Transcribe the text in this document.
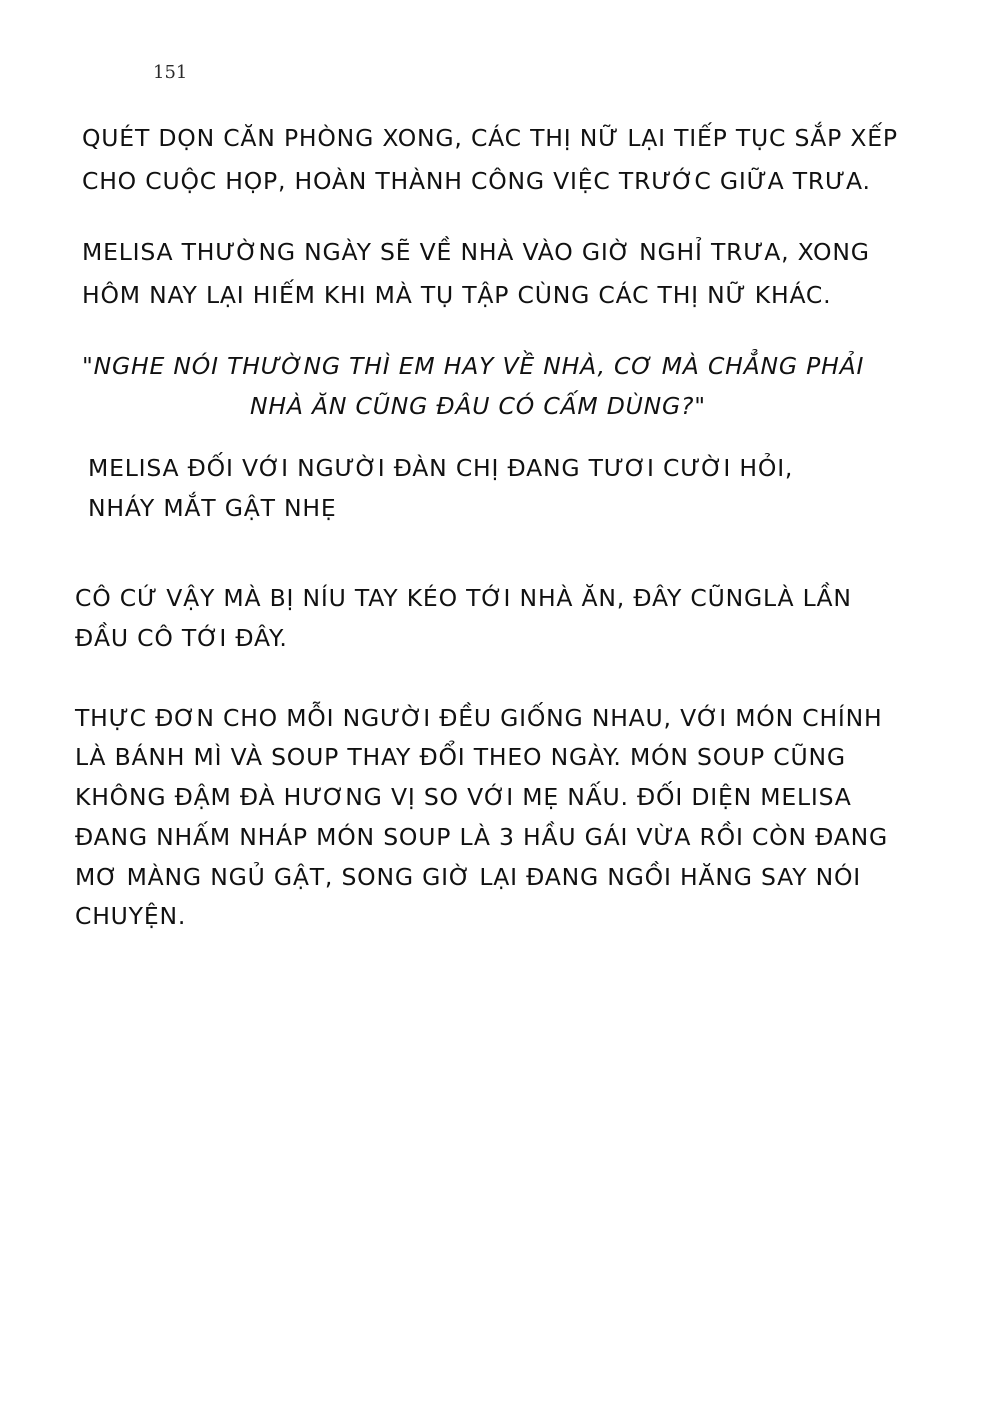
151
QUÉT DỌN CĂN PHÒNG XONG, CÁC THỊ NỮ LẠI TIẾP TỤC SẮP XẾP
CHO CUỘC HỌP, HOÀN THÀNH CÔNG VIỆC TRƯỚC GIỮA TRƯA.
MELISA THƯỜNG NGÀY SẼ VỀ NHÀ VÀO GIỜ NGHỈ TRƯA, XONG
HÔM NAY LẠI HIẾM KHI MÀ TỤ TẬP CÙNG CÁC THỊ NỮ KHÁC.
"NGHE NÓI THƯỜNG THÌ EM HAY VỀ NHÀ, CƠ MÀ CHẲNG PHẢI
NHÀ ĂN CŨNG ĐÂU CÓ CẤM DÙNG?"
MELISA ĐỐI VỚI NGƯỜI ĐÀN CHỊ ĐANG TƯƠI CƯỜI HỎI,
NHÁY MẮT GẬT NHẸ
CÔ CỨ VẬY MÀ BỊ NÍU TAY KÉO TỚI NHÀ ĂN, ĐÂY CŨNGLÀ LẦN
ĐẦU CÔ TỚI ĐÂY.
THỰC ĐƠN CHO MỖI NGƯỜI ĐỀU GIỐNG NHAU, VỚI MÓN CHÍNH
LÀ BÁNH MÌ VÀ SOUP THAY ĐỔI THEO NGÀY. MÓN SOUP CŨNG
KHÔNG ĐẬM ĐÀ HƯƠNG VỊ SO VỚI MẸ NẤU. ĐỐI DIỆN MELISA
ĐANG NHẤM NHÁP MÓN SOUP LÀ 3 HẦU GÁI VỪA RỒI CÒN ĐANG
MƠ MÀNG NGỦ GẬT, SONG GIỜ LẠI ĐANG NGỒI HĂNG SAY NÓI
CHUYỆN.
